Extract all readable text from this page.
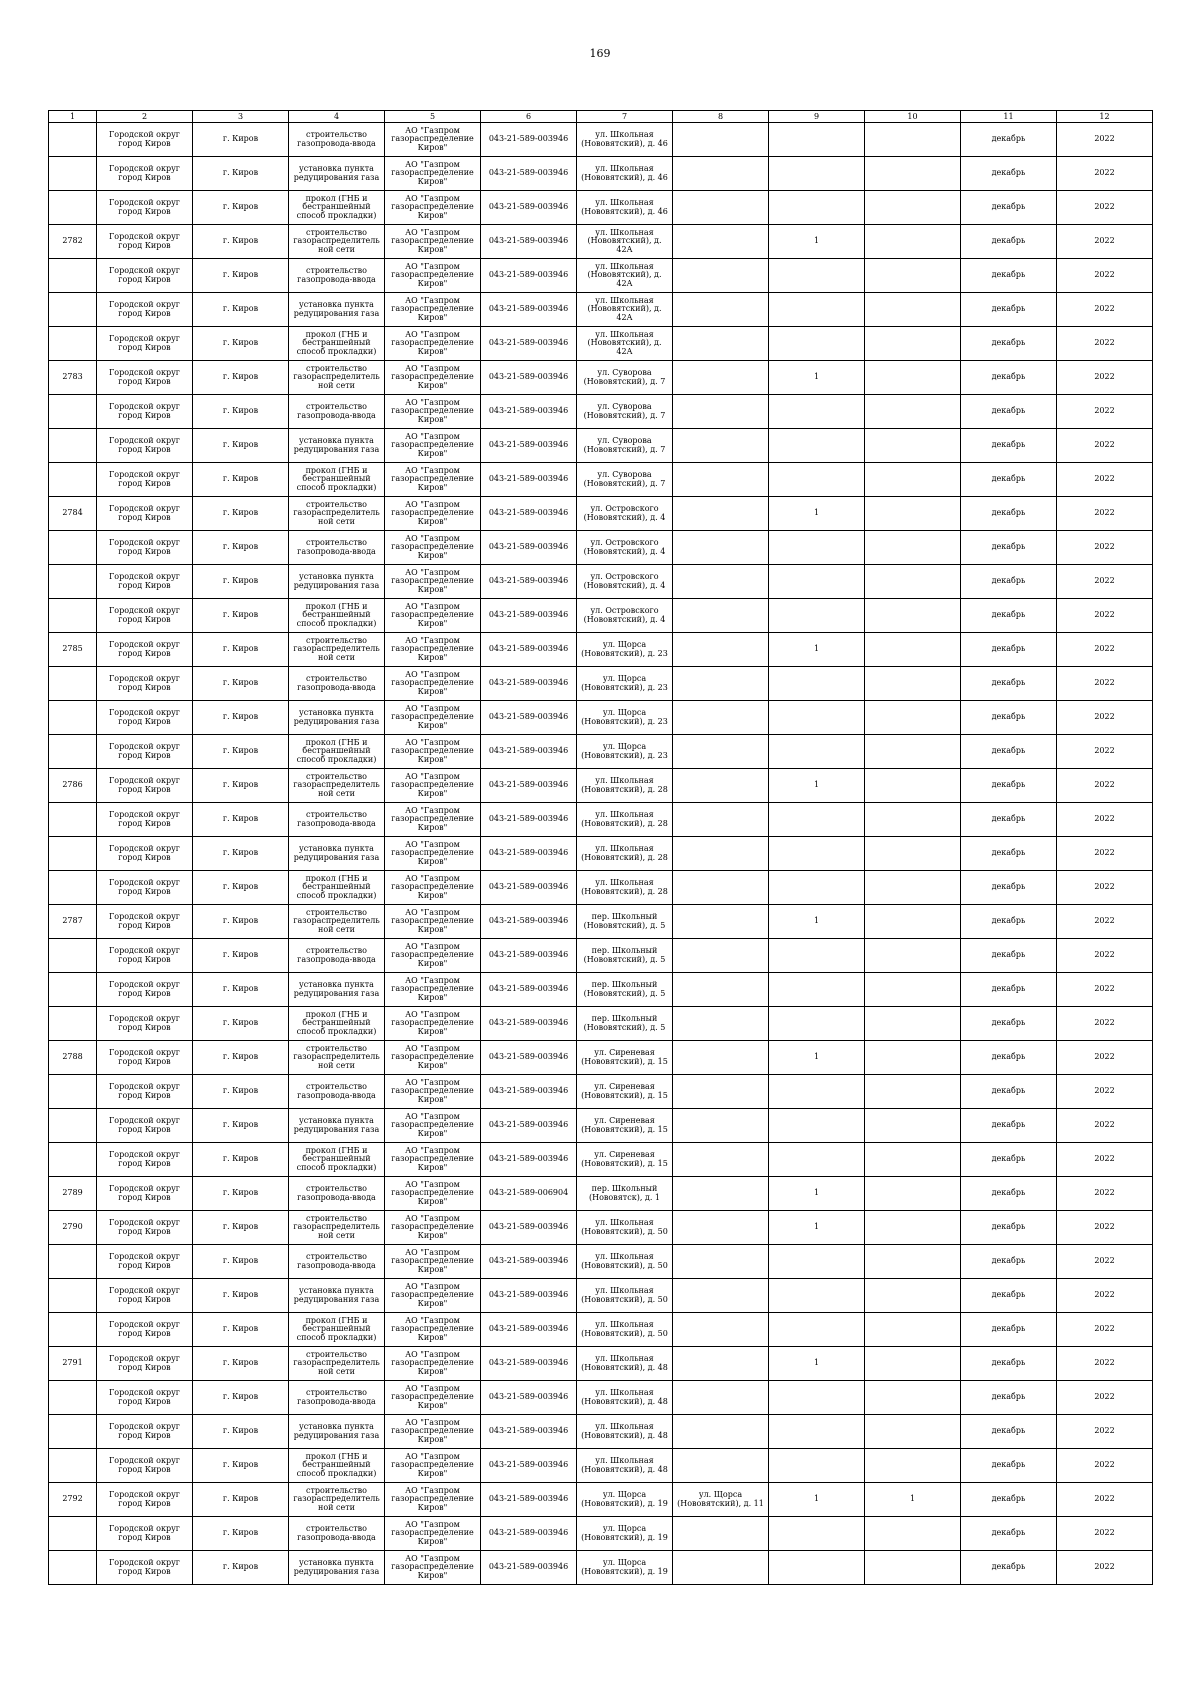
169
1	2	3	4	5	6	7	8	9	10	11	12

	Городской округ город Киров	г. Киров	строительство газопровода-ввода	АО "Газпром газораспределение Киров"	043-21-589-003946	ул. Школьная (Нововятский), д. 46				декабрь	2022

	Городской округ город Киров	г. Киров	установка пункта редуцирования газа	АО "Газпром газораспределение Киров"	043-21-589-003946	ул. Школьная (Нововятский), д. 46				декабрь	2022

	Городской округ город Киров	г. Киров	прокол (ГНБ и бестраншейный способ прокладки)	АО "Газпром газораспределение Киров"	043-21-589-003946	ул. Школьная (Нововятский), д. 46				декабрь	2022

2782	Городской округ город Киров	г. Киров	строительство газораспределительной сети	АО "Газпром газораспределение Киров"	043-21-589-003946	ул. Школьная (Нововятский), д. 42А		1		декабрь	2022

	Городской округ город Киров	г. Киров	строительство газопровода-ввода	АО "Газпром газораспределение Киров"	043-21-589-003946	ул. Школьная (Нововятский), д. 42А				декабрь	2022

	Городской округ город Киров	г. Киров	установка пункта редуцирования газа	АО "Газпром газораспределение Киров"	043-21-589-003946	ул. Школьная (Нововятский), д. 42А				декабрь	2022

	Городской округ город Киров	г. Киров	прокол (ГНБ и бестраншейный способ прокладки)	АО "Газпром газораспределение Киров"	043-21-589-003946	ул. Школьная (Нововятский), д. 42А				декабрь	2022

2783	Городской округ город Киров	г. Киров	строительство газораспределительной сети	АО "Газпром газораспределение Киров"	043-21-589-003946	ул. Суворова (Нововятский), д. 7		1		декабрь	2022

	Городской округ город Киров	г. Киров	строительство газопровода-ввода	АО "Газпром газораспределение Киров"	043-21-589-003946	ул. Суворова (Нововятский), д. 7				декабрь	2022

	Городской округ город Киров	г. Киров	установка пункта редуцирования газа	АО "Газпром газораспределение Киров"	043-21-589-003946	ул. Суворова (Нововятский), д. 7				декабрь	2022

	Городской округ город Киров	г. Киров	прокол (ГНБ и бестраншейный способ прокладки)	АО "Газпром газораспределение Киров"	043-21-589-003946	ул. Суворова (Нововятский), д. 7				декабрь	2022

2784	Городской округ город Киров	г. Киров	строительство газораспределительной сети	АО "Газпром газораспределение Киров"	043-21-589-003946	ул. Островского (Нововятский), д. 4		1		декабрь	2022

	Городской округ город Киров	г. Киров	строительство газопровода-ввода	АО "Газпром газораспределение Киров"	043-21-589-003946	ул. Островского (Нововятский), д. 4				декабрь	2022

	Городской округ город Киров	г. Киров	установка пункта редуцирования газа	АО "Газпром газораспределение Киров"	043-21-589-003946	ул. Островского (Нововятский), д. 4				декабрь	2022

	Городской округ город Киров	г. Киров	прокол (ГНБ и бестраншейный способ прокладки)	АО "Газпром газораспределение Киров"	043-21-589-003946	ул. Островского (Нововятский), д. 4				декабрь	2022

2785	Городской округ город Киров	г. Киров	строительство газораспределительной сети	АО "Газпром газораспределение Киров"	043-21-589-003946	ул. Щорса (Нововятский), д. 23		1		декабрь	2022

	Городской округ город Киров	г. Киров	строительство газопровода-ввода	АО "Газпром газораспределение Киров"	043-21-589-003946	ул. Щорса (Нововятский), д. 23				декабрь	2022

	Городской округ город Киров	г. Киров	установка пункта редуцирования газа	АО "Газпром газораспределение Киров"	043-21-589-003946	ул. Щорса (Нововятский), д. 23				декабрь	2022

	Городской округ город Киров	г. Киров	прокол (ГНБ и бестраншейный способ прокладки)	АО "Газпром газораспределение Киров"	043-21-589-003946	ул. Щорса (Нововятский), д. 23				декабрь	2022

2786	Городской округ город Киров	г. Киров	строительство газораспределительной сети	АО "Газпром газораспределение Киров"	043-21-589-003946	ул. Школьная (Нововятский), д. 28		1		декабрь	2022

	Городской округ город Киров	г. Киров	строительство газопровода-ввода	АО "Газпром газораспределение Киров"	043-21-589-003946	ул. Школьная (Нововятский), д. 28				декабрь	2022

	Городской округ город Киров	г. Киров	установка пункта редуцирования газа	АО "Газпром газораспределение Киров"	043-21-589-003946	ул. Школьная (Нововятский), д. 28				декабрь	2022

	Городской округ город Киров	г. Киров	прокол (ГНБ и бестраншейный способ прокладки)	АО "Газпром газораспределение Киров"	043-21-589-003946	ул. Школьная (Нововятский), д. 28				декабрь	2022

2787	Городской округ город Киров	г. Киров	строительство газораспределительной сети	АО "Газпром газораспределение Киров"	043-21-589-003946	пер. Школьный (Нововятский), д. 5		1		декабрь	2022

	Городской округ город Киров	г. Киров	строительство газопровода-ввода	АО "Газпром газораспределение Киров"	043-21-589-003946	пер. Школьный (Нововятский), д. 5				декабрь	2022

	Городской округ город Киров	г. Киров	установка пункта редуцирования газа	АО "Газпром газораспределение Киров"	043-21-589-003946	пер. Школьный (Нововятский), д. 5				декабрь	2022

	Городской округ город Киров	г. Киров	прокол (ГНБ и бестраншейный способ прокладки)	АО "Газпром газораспределение Киров"	043-21-589-003946	пер. Школьный (Нововятский), д. 5				декабрь	2022

2788	Городской округ город Киров	г. Киров	строительство газораспределительной сети	АО "Газпром газораспределение Киров"	043-21-589-003946	ул. Сиреневая (Нововятский), д. 15		1		декабрь	2022

	Городской округ город Киров	г. Киров	строительство газопровода-ввода	АО "Газпром газораспределение Киров"	043-21-589-003946	ул. Сиреневая (Нововятский), д. 15				декабрь	2022

	Городской округ город Киров	г. Киров	установка пункта редуцирования газа	АО "Газпром газораспределение Киров"	043-21-589-003946	ул. Сиреневая (Нововятский), д. 15				декабрь	2022

	Городской округ город Киров	г. Киров	прокол (ГНБ и бестраншейный способ прокладки)	АО "Газпром газораспределение Киров"	043-21-589-003946	ул. Сиреневая (Нововятский), д. 15				декабрь	2022

2789	Городской округ город Киров	г. Киров	строительство газопровода-ввода	АО "Газпром газораспределение Киров"	043-21-589-006904	пер. Школьный (Нововятск), д. 1		1		декабрь	2022

2790	Городской округ город Киров	г. Киров	строительство газораспределительной сети	АО "Газпром газораспределение Киров"	043-21-589-003946	ул. Школьная (Нововятский), д. 50		1		декабрь	2022

	Городской округ город Киров	г. Киров	строительство газопровода-ввода	АО "Газпром газораспределение Киров"	043-21-589-003946	ул. Школьная (Нововятский), д. 50				декабрь	2022

	Городской округ город Киров	г. Киров	установка пункта редуцирования газа	АО "Газпром газораспределение Киров"	043-21-589-003946	ул. Школьная (Нововятский), д. 50				декабрь	2022

	Городской округ город Киров	г. Киров	прокол (ГНБ и бестраншейный способ прокладки)	АО "Газпром газораспределение Киров"	043-21-589-003946	ул. Школьная (Нововятский), д. 50				декабрь	2022

2791	Городской округ город Киров	г. Киров	строительство газораспределительной сети	АО "Газпром газораспределение Киров"	043-21-589-003946	ул. Школьная (Нововятский), д. 48		1		декабрь	2022

	Городской округ город Киров	г. Киров	строительство газопровода-ввода	АО "Газпром газораспределение Киров"	043-21-589-003946	ул. Школьная (Нововятский), д. 48				декабрь	2022

	Городской округ город Киров	г. Киров	установка пункта редуцирования газа	АО "Газпром газораспределение Киров"	043-21-589-003946	ул. Школьная (Нововятский), д. 48				декабрь	2022

	Городской округ город Киров	г. Киров	прокол (ГНБ и бестраншейный способ прокладки)	АО "Газпром газораспределение Киров"	043-21-589-003946	ул. Школьная (Нововятский), д. 48				декабрь	2022

2792	Городской округ город Киров	г. Киров	строительство газораспределительной сети	АО "Газпром газораспределение Киров"	043-21-589-003946	ул. Щорса (Нововятский), д. 19	ул. Щорса (Нововятский), д. 11	1	1	декабрь	2022

	Городской округ город Киров	г. Киров	строительство газопровода-ввода	АО "Газпром газораспределение Киров"	043-21-589-003946	ул. Щорса (Нововятский), д. 19				декабрь	2022

	Городской округ город Киров	г. Киров	установка пункта редуцирования газа	АО "Газпром газораспределение Киров"	043-21-589-003946	ул. Щорса (Нововятский), д. 19				декабрь	2022
